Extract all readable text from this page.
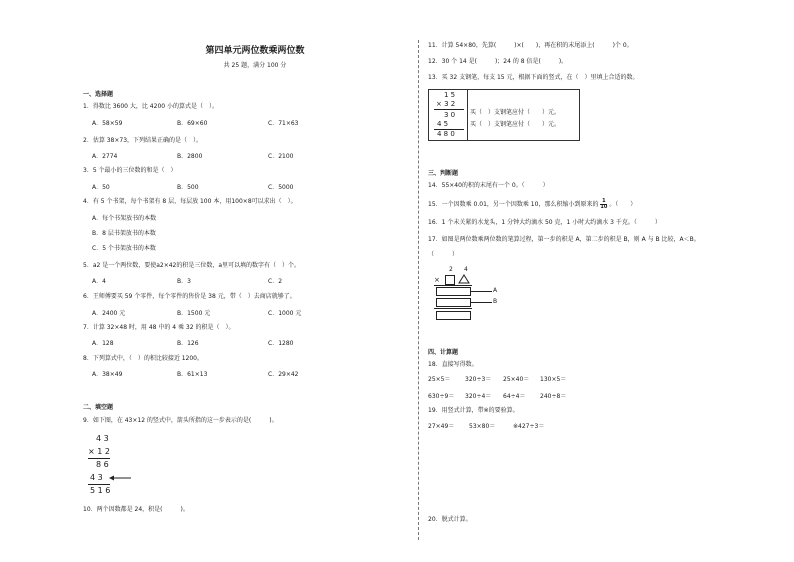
第四单元两位数乘两位数
共 25 题，满分 100 分
一、选择题
1．得数比 3600 大，比 4200 小的算式是（　）。
A．58×59	B．69×60	C．71×63
2．估算 38×73，下列结果正确的是（　）。
A．2774	B．2800	C．2100
3．5 个最小的三位数的和是（　）
A．50	B．500	C．5000
4．有 5 个书架，每个书架有 8 层，每层放 100 本，用100×8可以求出（　）。
A．每个书架放书的本数
B．8 层书架放书的本数
C．5 个书架放书的本数
5．a2 是一个两位数，要使a2×42的积是三位数，a里可以填的数字有（　）个。
A．4	B．3	C．2
6．王师傅要买 59 个零件，每个零件的售价是 38 元，带（　）去商店就够了。
A．2400 元	B．1500 元	C．1000 元
7．计算 32×48 时，用 48 中的 4 乘 32 的积是（　）。
A．128	B．126	C．1280
8．下列算式中，（　）的积比较接近 1200。
A．38×49	B．61×13	C．29×42
二、填空题
9．如下图，在 43×12 的竖式中，箭头所指的这一步表示的是(　　　)。
4 3
× 1 2
8 6
4 3
5 1 6
10．两个因数都是 24，积是(　　　)。
11．计算 54×80，先算(　　　)×(　　)，再在积的末尾添上(　　　)个 0。
12．30 个 14 是(　　　)；24 的 8 倍是(　　　)。
13．买 32 支钢笔，每支 15 元，根据下面的竖式，在（　）里填上合适的数。
1 5
× 3 2
3 0
4 5
4 8 0
买（　）支钢笔应付（　　）元。
买（　）支钢笔应付（　　）元。
三、判断题
14．55×40的积的末尾有一个 0。（　　　）
15．一个因数乘 0.01，另一个因数乘 10，那么积缩小到原来的 $\frac{1}{10}$ 。（　　）
16．1 个未关紧的水龙头，1 分钟大约滴水 50 克，1 小时大约滴水 3 千克。（　　　）
17．如图是两位数乘两位数的笔算过程，第一步的积是 A，第二步的积是 B，则 A 与 B 比较，A＜B。
（　　　）
2 4
×
A
B
四、计算题
18．直接写得数。
25×5＝ 320÷3＝ 25×40＝ 130×5＝
630÷9＝ 320÷4＝ 64÷4＝ 240÷8＝
19．用竖式计算，带※的要验算。
27×49＝ 53×80＝	※427÷3＝
20．脱式计算。
